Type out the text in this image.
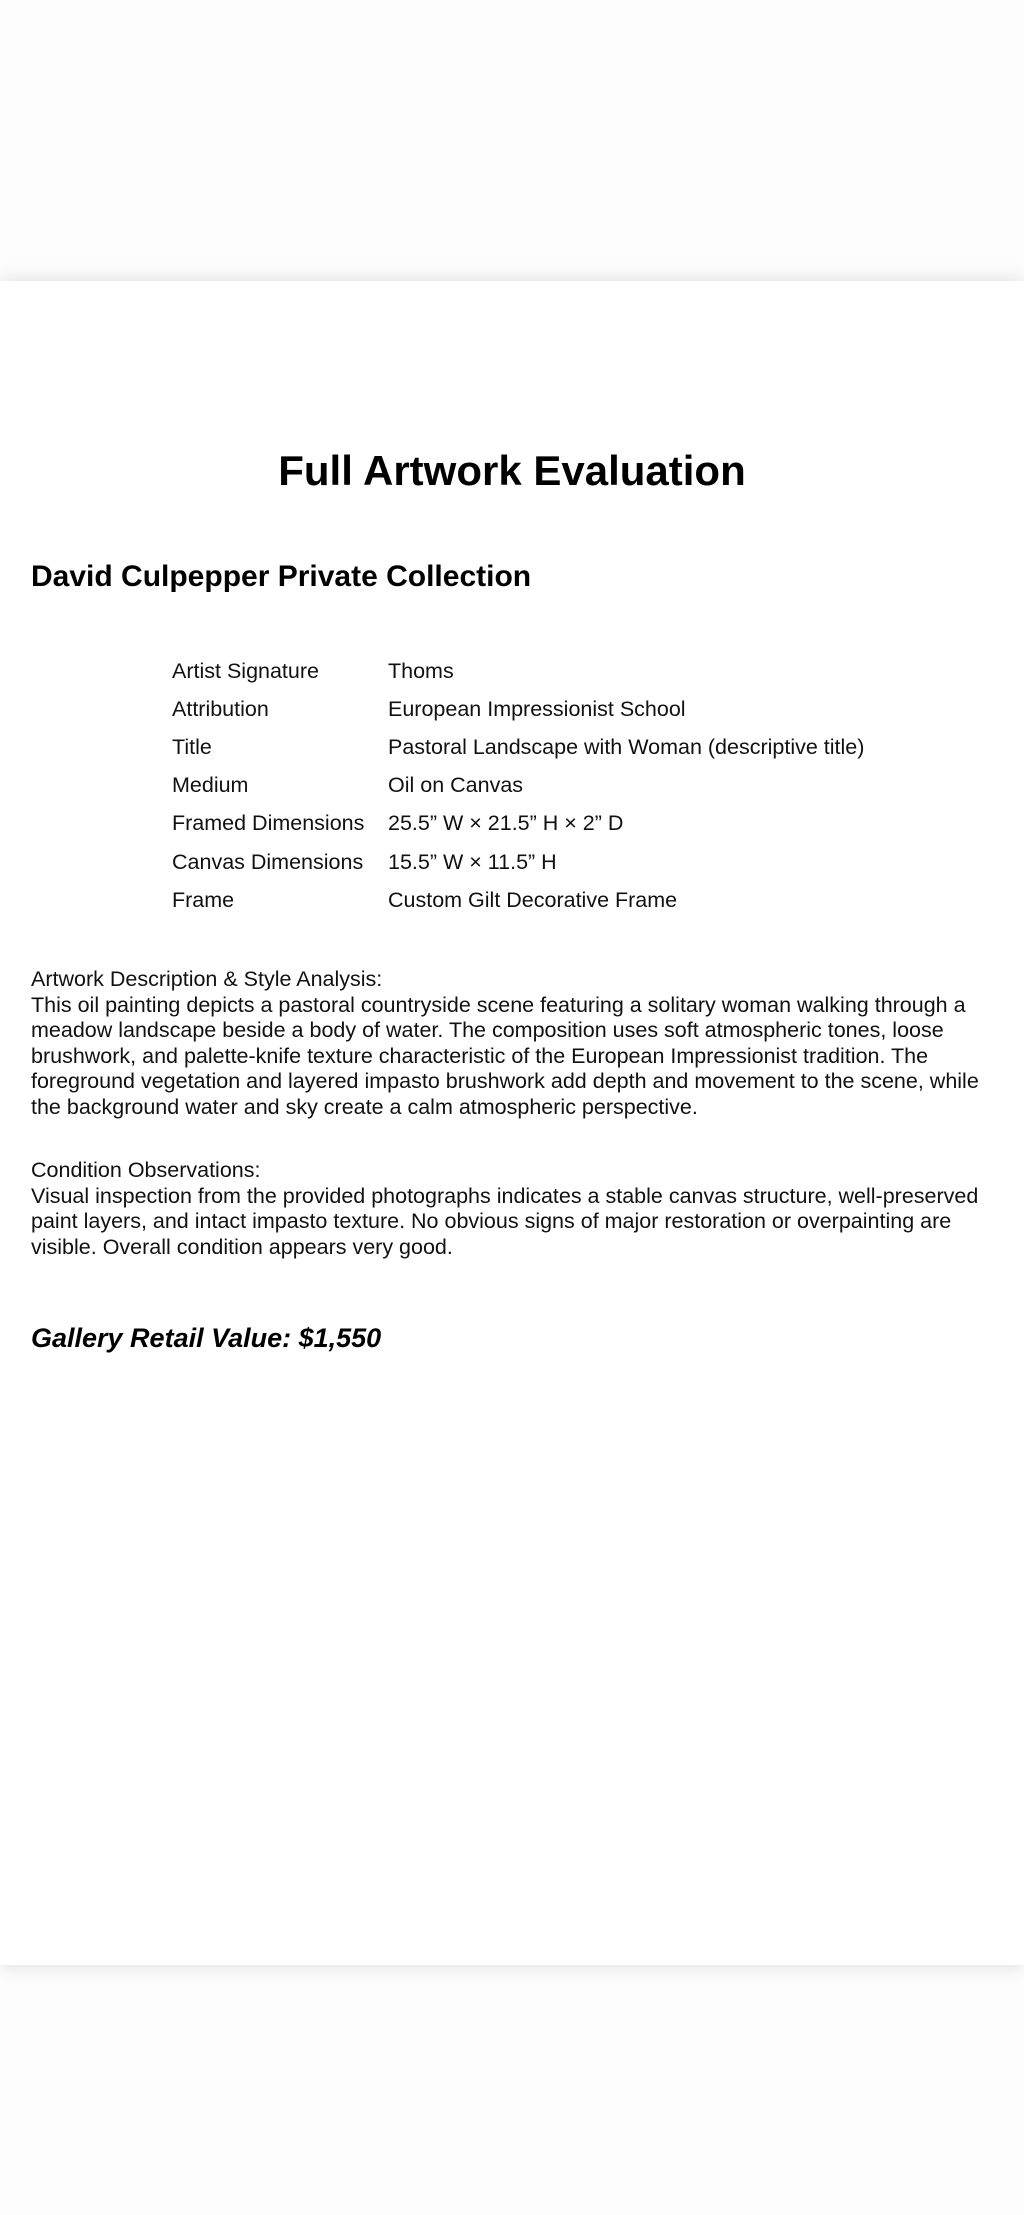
Full Artwork Evaluation
David Culpepper Private Collection
Artist Signature	Thoms
Attribution	European Impressionist School
Title	Pastoral Landscape with Woman (descriptive title)
Medium	Oil on Canvas
Framed Dimensions	25.5” W × 21.5” H × 2” D
Canvas Dimensions	15.5” W × 11.5” H
Frame	Custom Gilt Decorative Frame
Artwork Description & Style Analysis:
This oil painting depicts a pastoral countryside scene featuring a solitary woman walking through a meadow landscape beside a body of water. The composition uses soft atmospheric tones, loose brushwork, and palette-knife texture characteristic of the European Impressionist tradition. The foreground vegetation and layered impasto brushwork add depth and movement to the scene, while the background water and sky create a calm atmospheric perspective.
Condition Observations:
Visual inspection from the provided photographs indicates a stable canvas structure, well-preserved paint layers, and intact impasto texture. No obvious signs of major restoration or overpainting are visible. Overall condition appears very good.

Gallery Retail Value: $1,550
